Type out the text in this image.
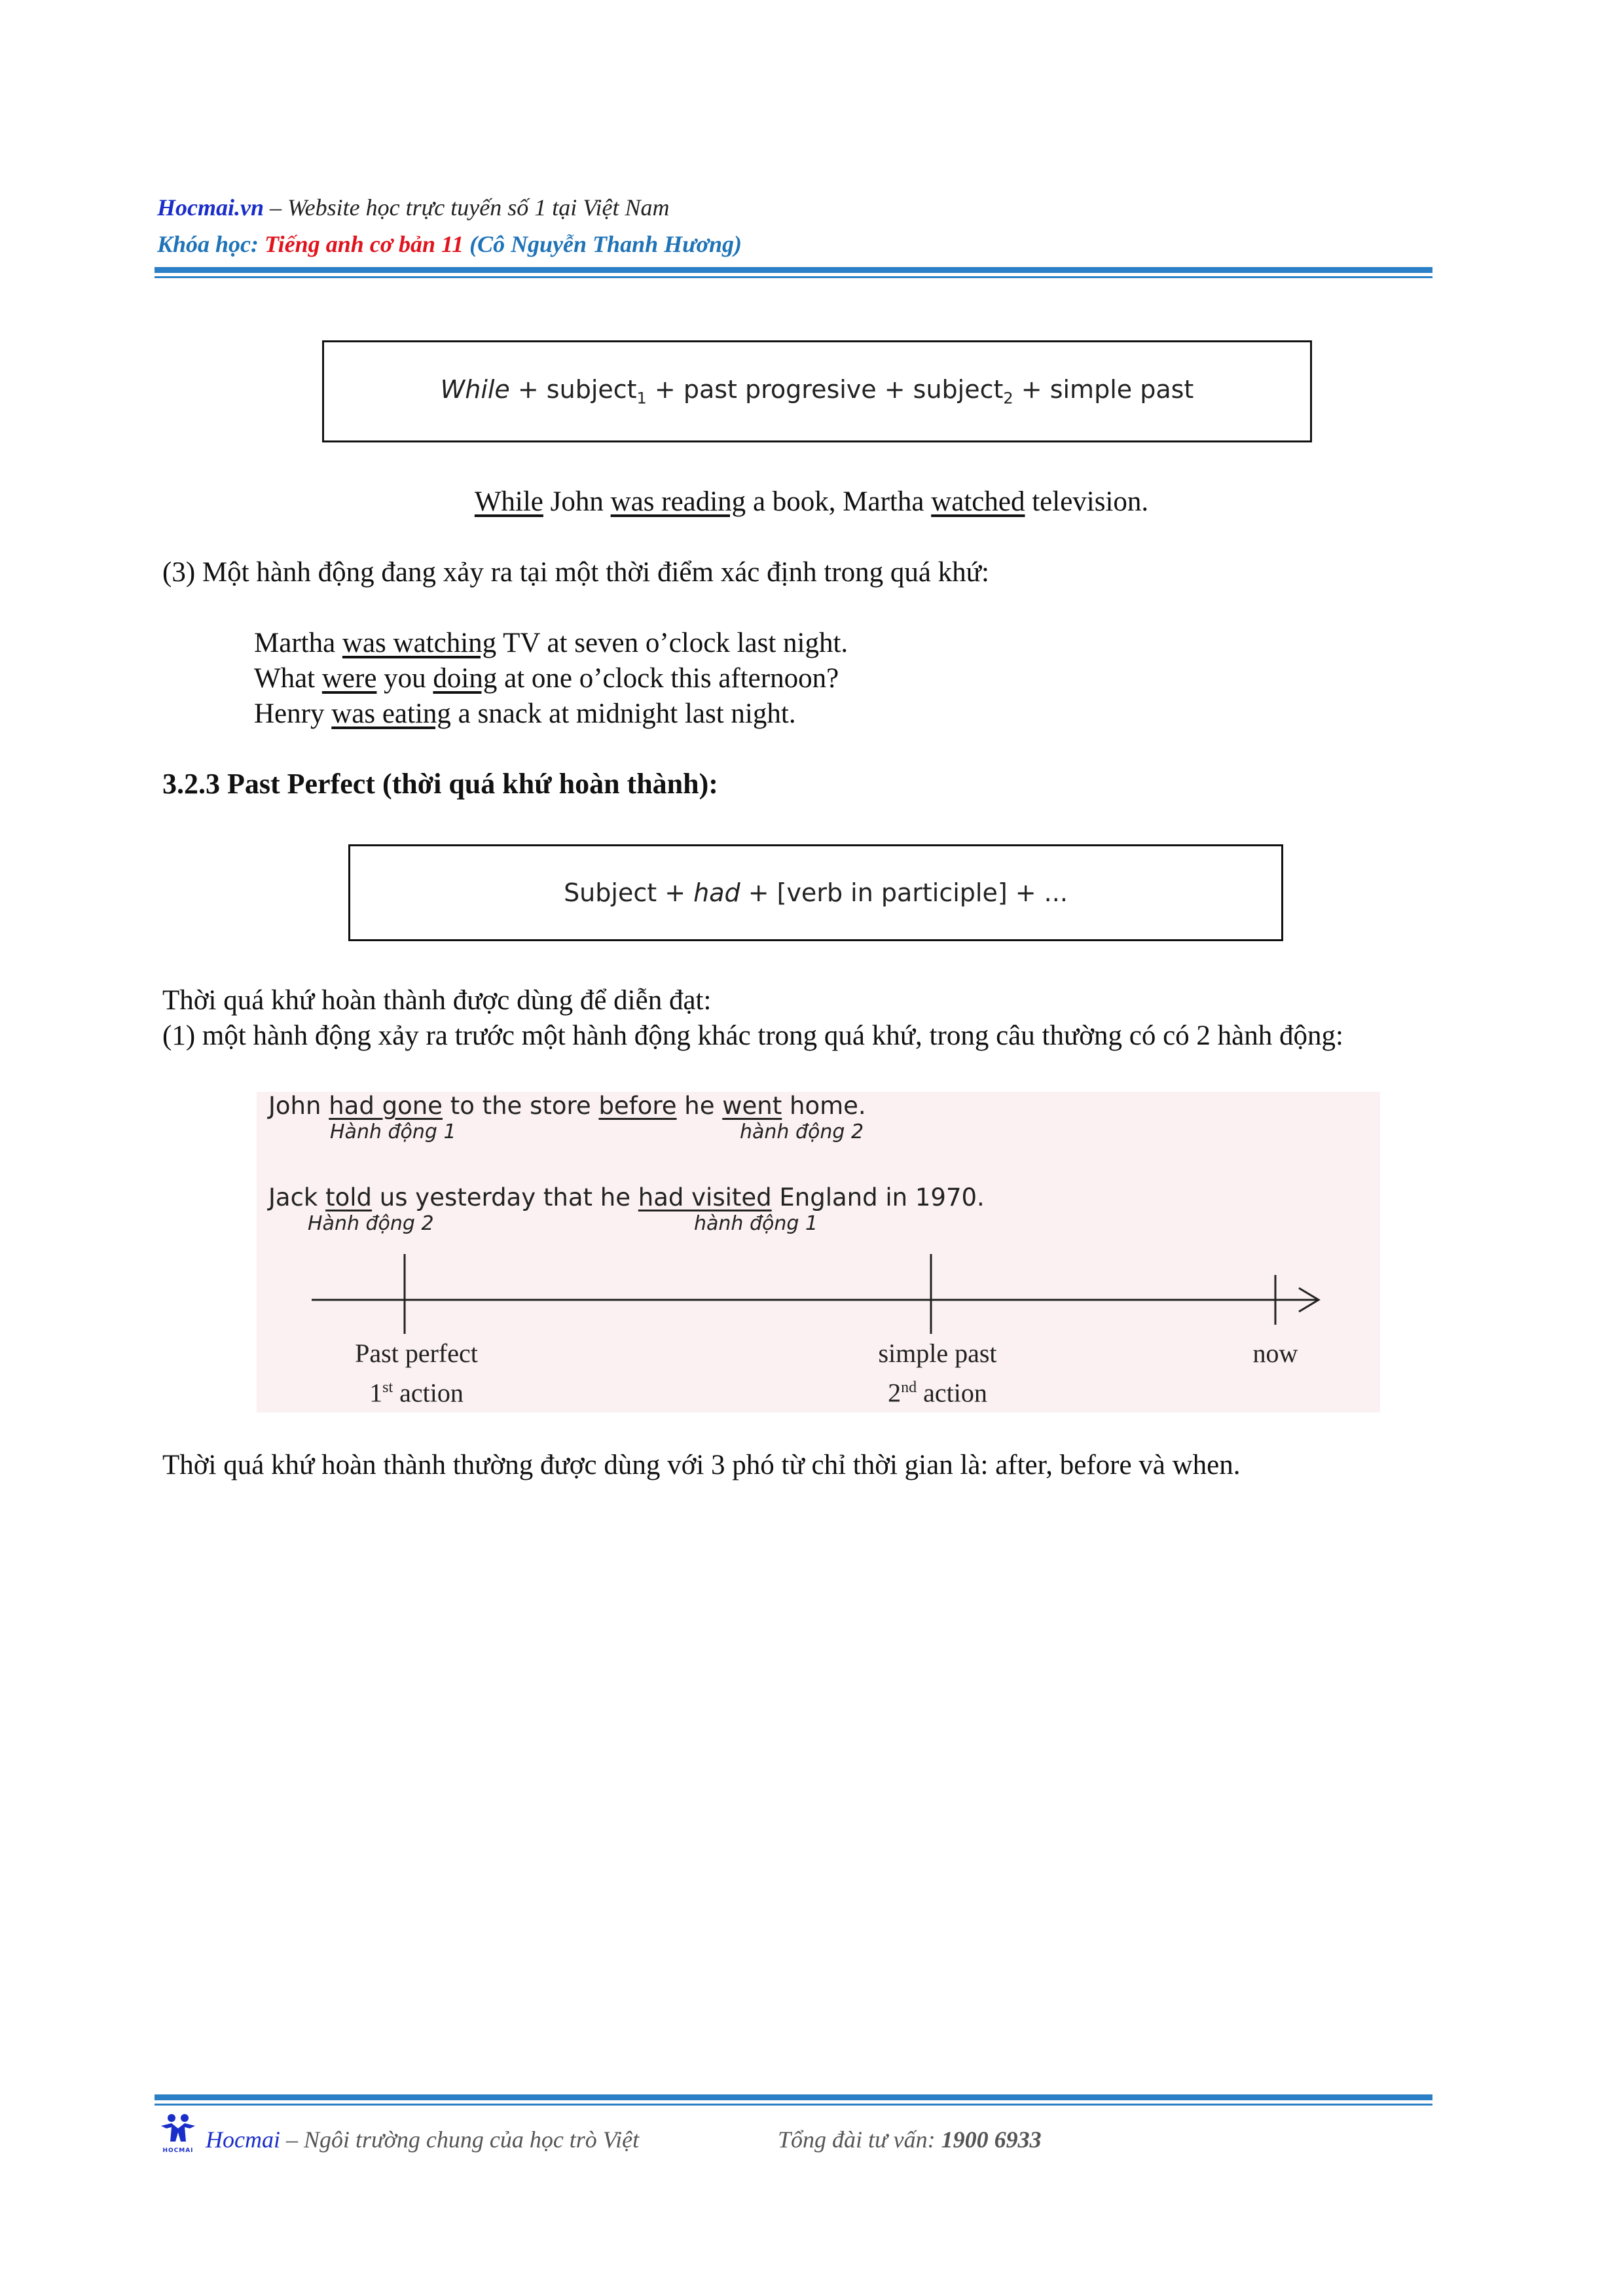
Hocmai.vn – Website học trực tuyến số 1 tại Việt Nam
Khóa học: Tiếng anh cơ bản 11 (Cô Nguyễn Thanh Hương)
While + subject$_1$ + past progresive + subject$_2$ + simple past
While John was reading a book, Martha watched television.
(3) Một hành động đang xảy ra tại một thời điểm xác định trong quá khứ:
Martha was watching TV at seven o’clock last night.
What were you doing at one o’clock this afternoon?
Henry was eating a snack at midnight last night.
3.2.3 Past Perfect (thời quá khứ hoàn thành):
Subject + had + [verb in participle] + ...
Thời quá khứ hoàn thành được dùng để diễn đạt:
(1) một hành động xảy ra trước một hành động khác trong quá khứ, trong câu thường có có 2 hành động:
John had gone to the store before he went home.
Hành động 1	hành động 2
Jack told us yesterday that he had visited England in 1970.
Hành động 2	hành động 1
Past perfect
1st action
simple past
2nd action
now
Thời quá khứ hoàn thành thường được dùng với 3 phó từ chỉ thời gian là: after, before và when.
HOCMAI Hocmai – Ngôi trường chung của học trò Việt	Tổng đài tư vấn: 1900 6933
